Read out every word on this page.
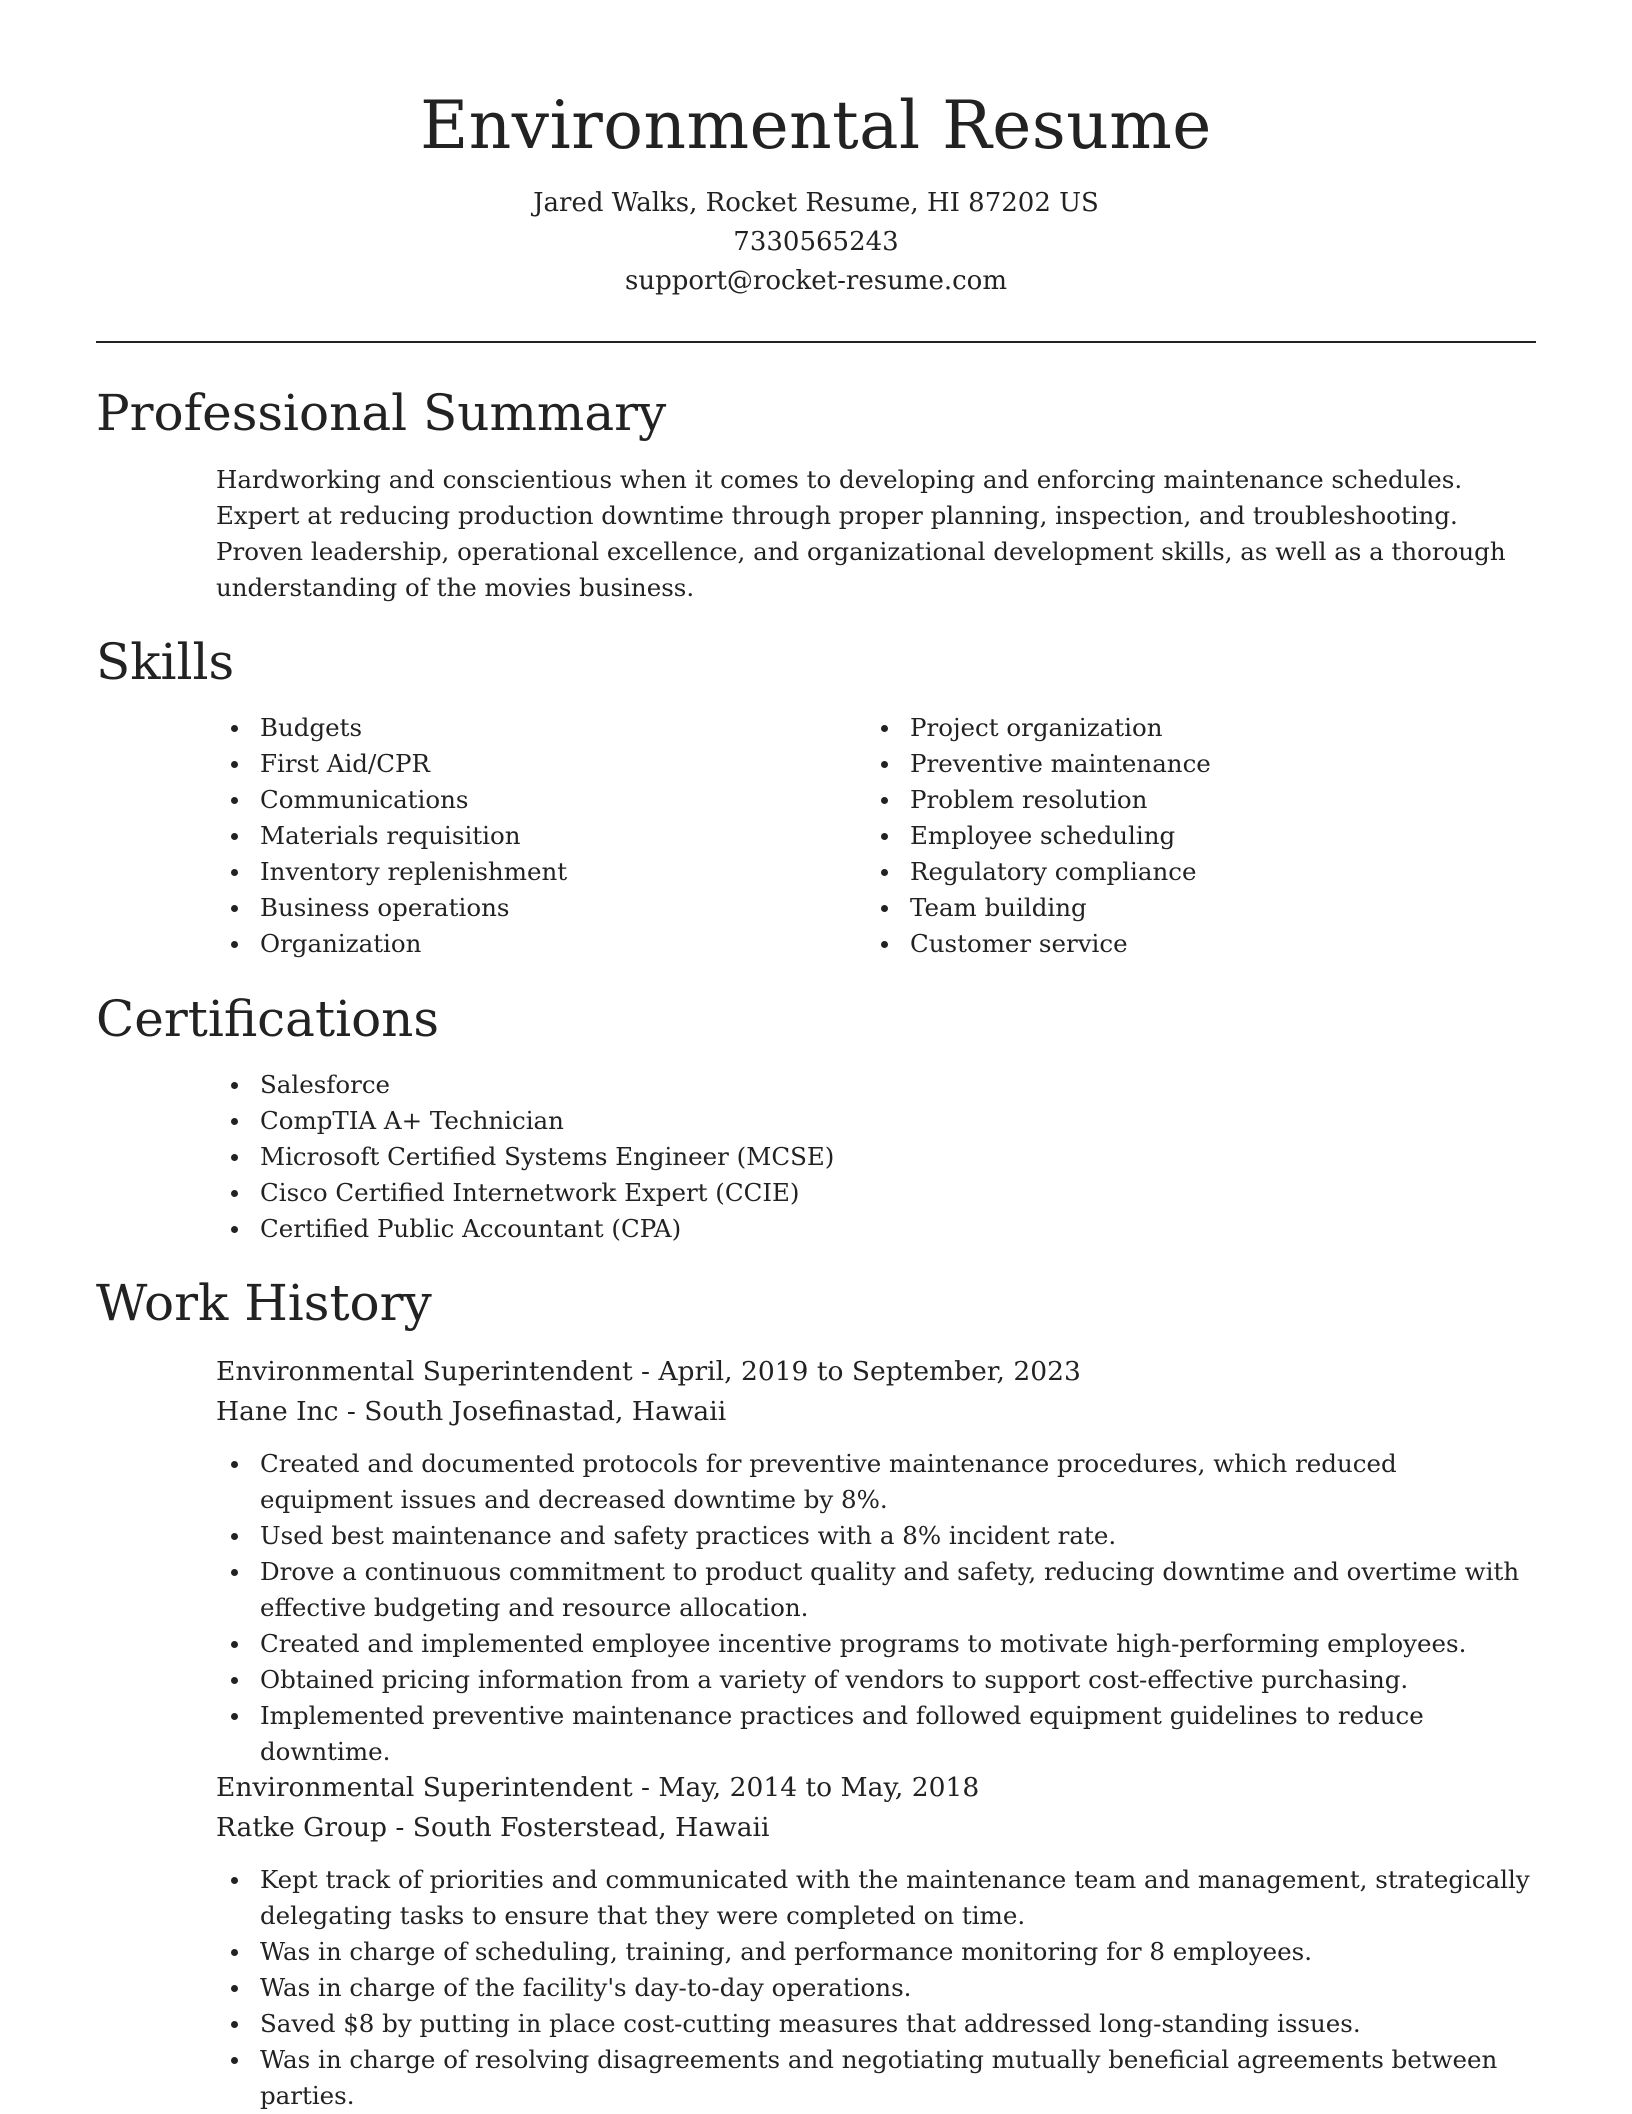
Environmental Resume

Jared Walks, Rocket Resume, HI 87202 US

7330565243

support@rocket-resume.com

Professional Summary

Hardworking and conscientious when it comes to developing and enforcing maintenance schedules. Expert at reducing production downtime through proper planning, inspection, and troubleshooting. Proven leadership, operational excellence, and organizational development skills, as well as a thorough understanding of the movies business.

Skills
Budgets
First Aid/CPR
Communications
Materials requisition
Inventory replenishment
Business operations
Organization
Project organization
Preventive maintenance
Problem resolution
Employee scheduling
Regulatory compliance
Team building
Customer service
Certifications
Salesforce
CompTIA A+ Technician
Microsoft Certified Systems Engineer (MCSE)
Cisco Certified Internetwork Expert (CCIE)
Certified Public Accountant (CPA)
Work History

Environmental Superintendent - April, 2019 to September, 2023

Hane Inc - South Josefinastad, Hawaii

Created and documented protocols for preventive maintenance procedures, which reduced equipment issues and decreased downtime by 8%.
Used best maintenance and safety practices with a 8% incident rate.
Drove a continuous commitment to product quality and safety, reducing downtime and overtime with effective budgeting and resource allocation.
Created and implemented employee incentive programs to motivate high-performing employees.
Obtained pricing information from a variety of vendors to support cost-effective purchasing.
Implemented preventive maintenance practices and followed equipment guidelines to reduce downtime.

Environmental Superintendent - May, 2014 to May, 2018

Ratke Group - South Fosterstead, Hawaii

Kept track of priorities and communicated with the maintenance team and management, strategically delegating tasks to ensure that they were completed on time.
Was in charge of scheduling, training, and performance monitoring for 8 employees.
Was in charge of the facility's day-to-day operations.
Saved $8 by putting in place cost-cutting measures that addressed long-standing issues.
Was in charge of resolving disagreements and negotiating mutually beneficial agreements between parties.
